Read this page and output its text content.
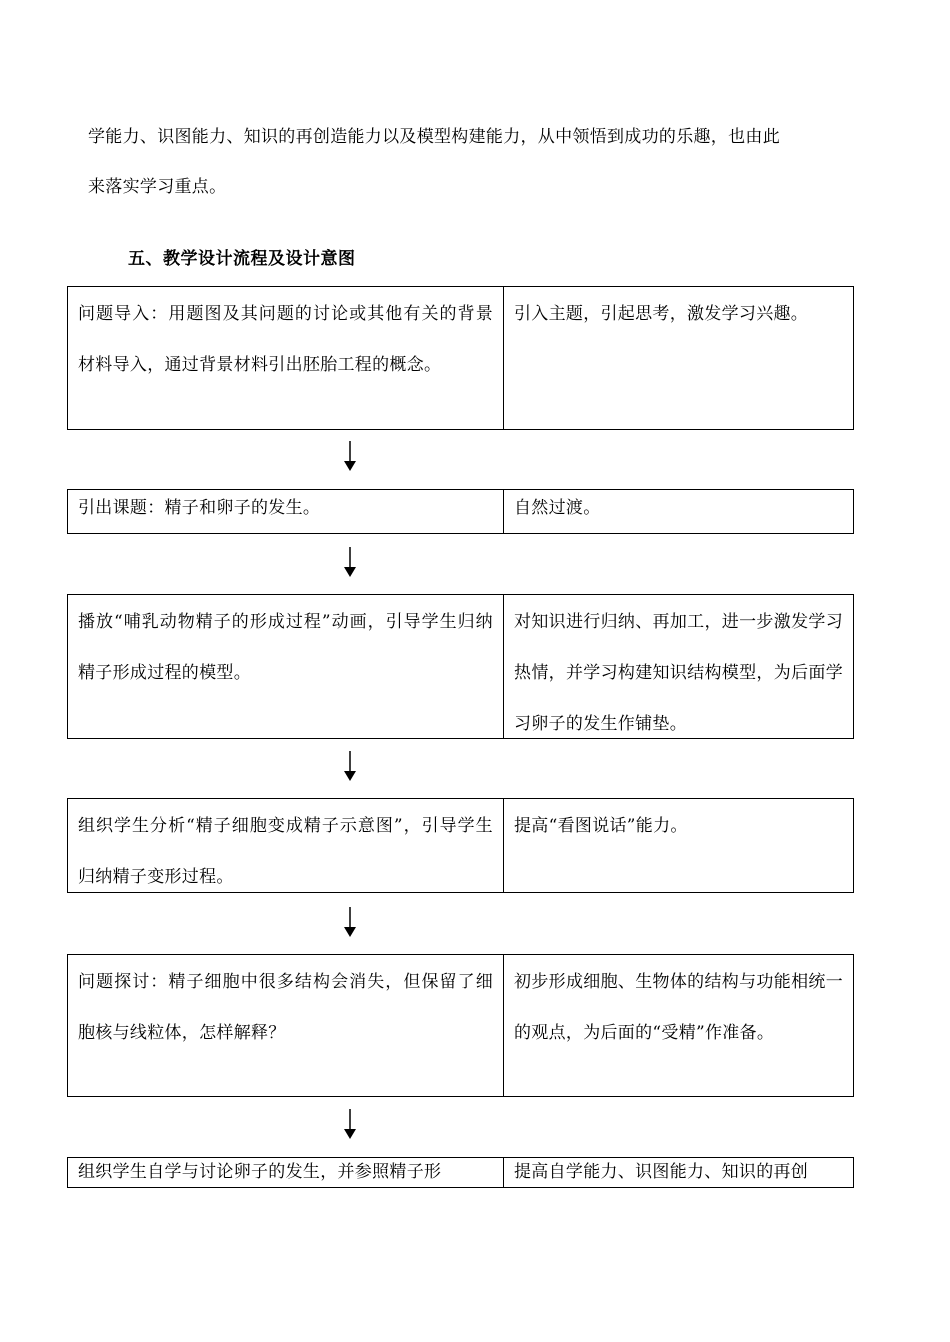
学能力、识图能力、知识的再创造能力以及模型构建能力，从中领悟到成功的乐趣，也由此
来落实学习重点。
五、教学设计流程及设计意图
问题导入：用题图及其问题的讨论或其他有关的背景材料导入，通过背景材料引出胚胎工程的概念。
引入主题，引起思考，激发学习兴趣。
引出课题：精子和卵子的发生。	自然过渡。
播放“哺乳动物精子的形成过程”动画，引导学生归纳精子形成过程的模型。
对知识进行归纳、再加工，进一步激发学习热情，并学习构建知识结构模型，为后面学习卵子的发生作铺垫。
组织学生分析“精子细胞变成精子示意图”，引导学生归纳精子变形过程。
提高“看图说话”能力。
问题探讨：精子细胞中很多结构会消失，但保留了细胞核与线粒体，怎样解释？
初步形成细胞、生物体的结构与功能相统一的观点，为后面的“受精”作准备。
组织学生自学与讨论卵子的发生，并参照精子形	提高自学能力、识图能力、知识的再创
